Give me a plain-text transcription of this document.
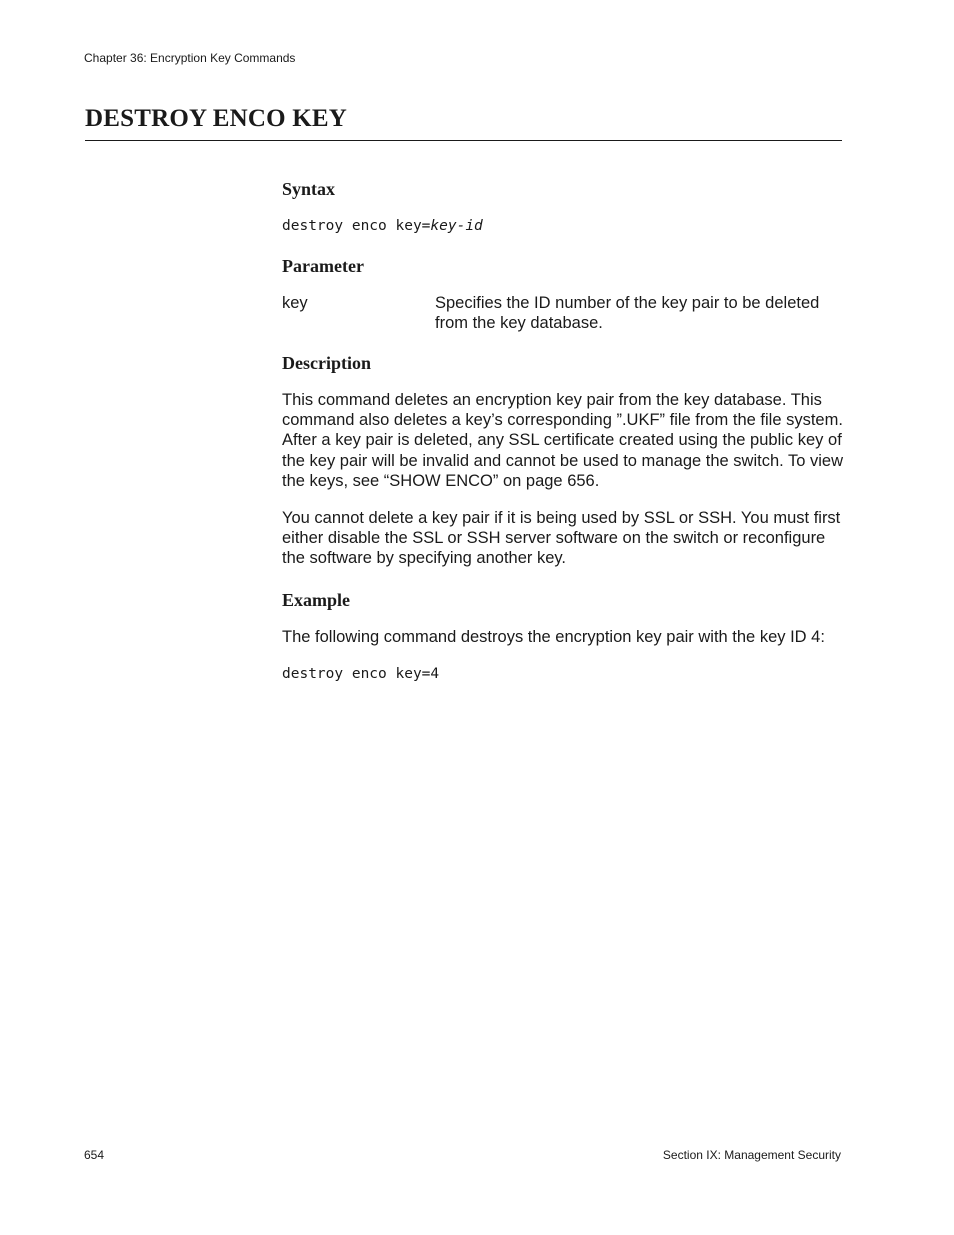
Chapter 36: Encryption Key Commands
DESTROY ENCO KEY
Syntax
destroy enco key=key-id
Parameter
key	Specifies the ID number of the key pair to be deleted from the key database.
Description

This command deletes an encryption key pair from the key database. This command also deletes a key’s corresponding ”.UKF” file from the file system. After a key pair is deleted, any SSL certificate created using the public key of the key pair will be invalid and cannot be used to manage the switch. To view the keys, see “SHOW ENCO” on page 656.

You cannot delete a key pair if it is being used by SSL or SSH. You must first either disable the SSL or SSH server software on the switch or reconfigure the software by specifying another key.

Example

The following command destroys the encryption key pair with the key ID 4:

destroy enco key=4
654	Section IX: Management Security
